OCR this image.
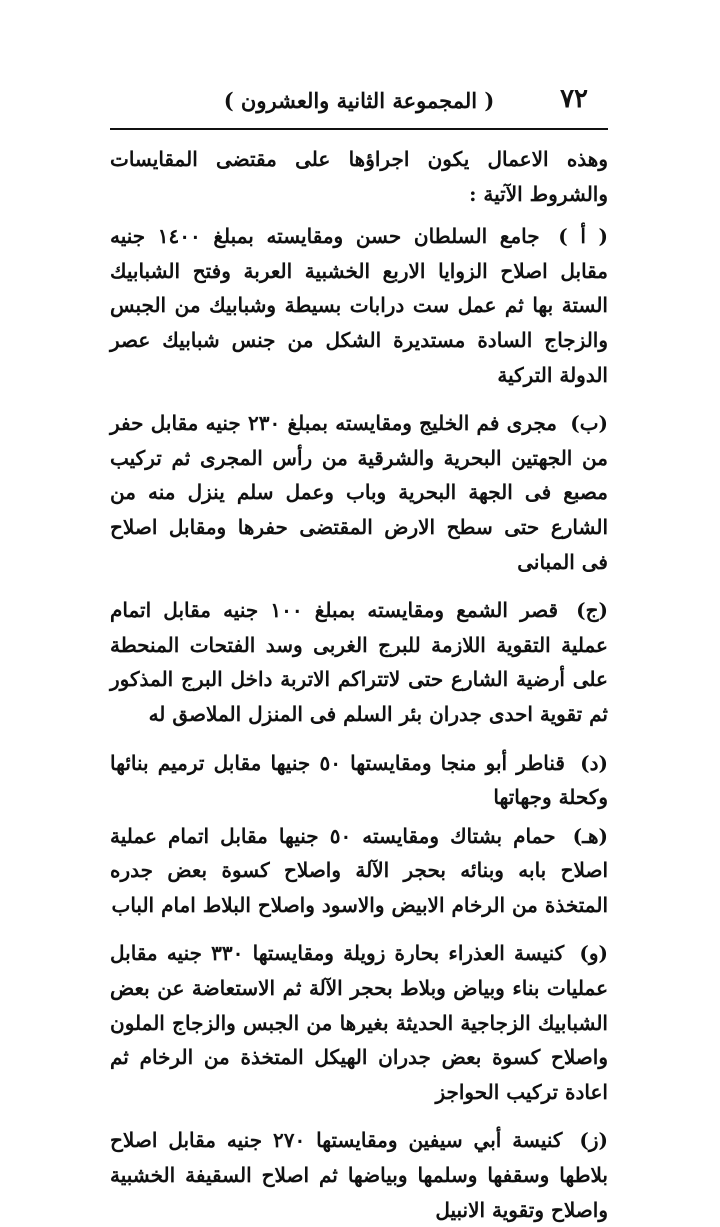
٧٢
( المجموعة الثانية والعشرون )

وهذه الاعمال يكون اجراؤها على مقتضى المقايسات والشروط الآتية :

( أ ) جامع السلطان حسن ومقايسته بمبلغ ١٤٠٠ جنيه مقابل اصلاح الزوايا الاربع الخشبية العربة وفتح الشبابيك الستة بها ثم عمل ست درابات بسيطة وشبابيك من الجبس والزجاج السادة مستديرة الشكل من جنس شبابيك عصر الدولة التركية

(ب) مجرى فم الخليج ومقايسته بمبلغ ٢٣٠ جنيه مقابل حفر من الجهتين البحرية والشرقية من رأس المجرى ثم تركيب مصبع فى الجهة البحرية وباب وعمل سلم ينزل منه من الشارع حتى سطح الارض المقتضى حفرها ومقابل اصلاح فى المبانى

(ج) قصر الشمع ومقايسته بمبلغ ١٠٠ جنيه مقابل اتمام عملية التقوية اللازمة للبرج الغربى وسد الفتحات المنحطة على أرضية الشارع حتى لاتتراكم الاتربة داخل البرج المذكور ثم تقوية احدى جدران بئر السلم فى المنزل الملاصق له

(د) قناطر أبو منجا ومقايستها ٥٠ جنيها مقابل ترميم بنائها وكحلة وجهاتها

(هـ) حمام بشتاك ومقايسته ٥٠ جنيها مقابل اتمام عملية اصلاح بابه وبنائه بحجر الآلة واصلاح كسوة بعض جدره المتخذة من الرخام الابيض والاسود واصلاح البلاط امام الباب

(و) كنيسة العذراء بحارة زويلة ومقايستها ٣٣٠ جنيه مقابل عمليات بناء وبياض وبلاط بحجر الآلة ثم الاستعاضة عن بعض الشبابيك الزجاجية الحديثة بغيرها من الجبس والزجاج الملون واصلاح كسوة بعض جدران الهيكل المتخذة من الرخام ثم اعادة تركيب الحواجز

(ز) كنيسة أبي سيفين ومقايستها ٢٧٠ جنيه مقابل اصلاح بلاطها وسقفها وسلمها وبياضها ثم اصلاح السقيفة الخشبية واصلاح وتقوية الانبيل
